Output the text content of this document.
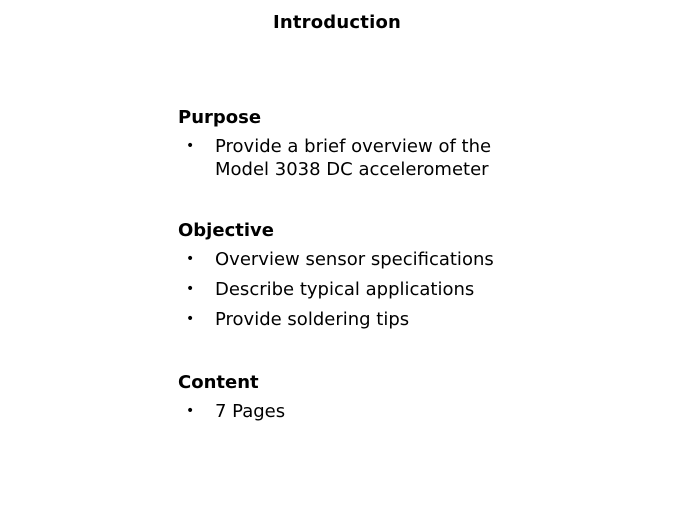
Introduction
Purpose
• Provide a brief overview of the
Model 3038 DC accelerometer
Objective
• Overview sensor specifications
• Describe typical applications
• Provide soldering tips
Content
• 7 Pages
